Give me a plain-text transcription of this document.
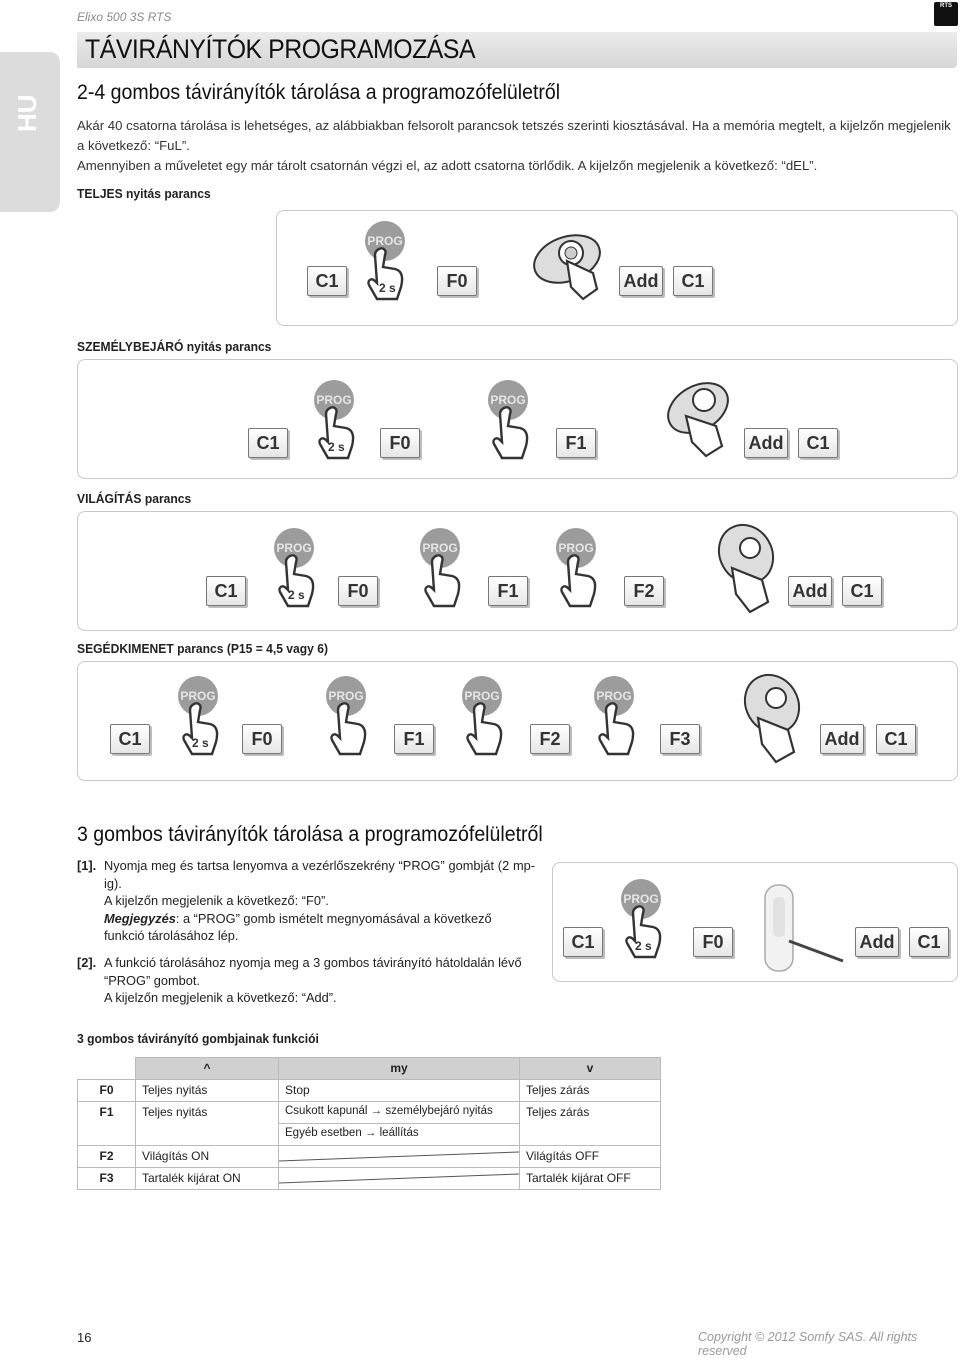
Elixo 500 3S RTS
RTS
HU
TÁVIRÁNYÍTÓK PROGRAMOZÁSA
2-4 gombos távirányítók tárolása a programozófelületről
Akár 40 csatorna tárolása is lehetséges, az alábbiakban felsorolt parancsok tetszés szerinti kiosztásával. Ha a memória megtelt, a kijelzőn megjelenik a következő: “FuL”.
Amennyiben a műveletet egy már tárolt csatornán végzi el, az adott csatorna törlődik. A kijelzőn megjelenik a következő: “dEL”.
TELJES nyitás parancs
C1
PROG
2 s	F0	Add	C1
SZEMÉLYBEJÁRÓ nyitás parancs
C1
PROG
2 s	F0
PROG
F1	Add	C1
VILÁGÍTÁS parancs
C1
PROG
2 s	F0
PROG
F1
PROG
F2	Add	C1
SEGÉDKIMENET parancs (P15 = 4,5 vagy 6)
C1
PROG
2 s	F0
PROG
F1
PROG
F2
PROG
F3	Add	C1
3 gombos távirányítók tárolása a programozófelületről
[1]. Nyomja meg és tartsa lenyomva a vezérlőszekrény “PROG” gombját (2 mp-ig).
A kijelzőn megjelenik a következő: “F0”.
Megjegyzés: a “PROG” gomb ismételt megnyomásával a következő funkció tárolásához lép.
[2]. A funkció tárolásához nyomja meg a 3 gombos távirányító hátoldalán lévő “PROG” gombot.
A kijelzőn megjelenik a következő: “Add”.
C1
PROG
2 s	F0	Add	C1
3 gombos távirányító gombjainak funkciói
	^	my	v
F0	Teljes nyitás	Stop	Teljes zárás
F1	Teljes nyitás	Csukott kapunál → személybejáró nyitás	Teljes zárás
		Egyéb esetben → leállítás	
F2	Világítás ON		Világítás OFF
F3	Tartalék kijárat ON		Tartalék kijárat OFF
16	Copyright © 2012 Somfy SAS. All rights reserved
